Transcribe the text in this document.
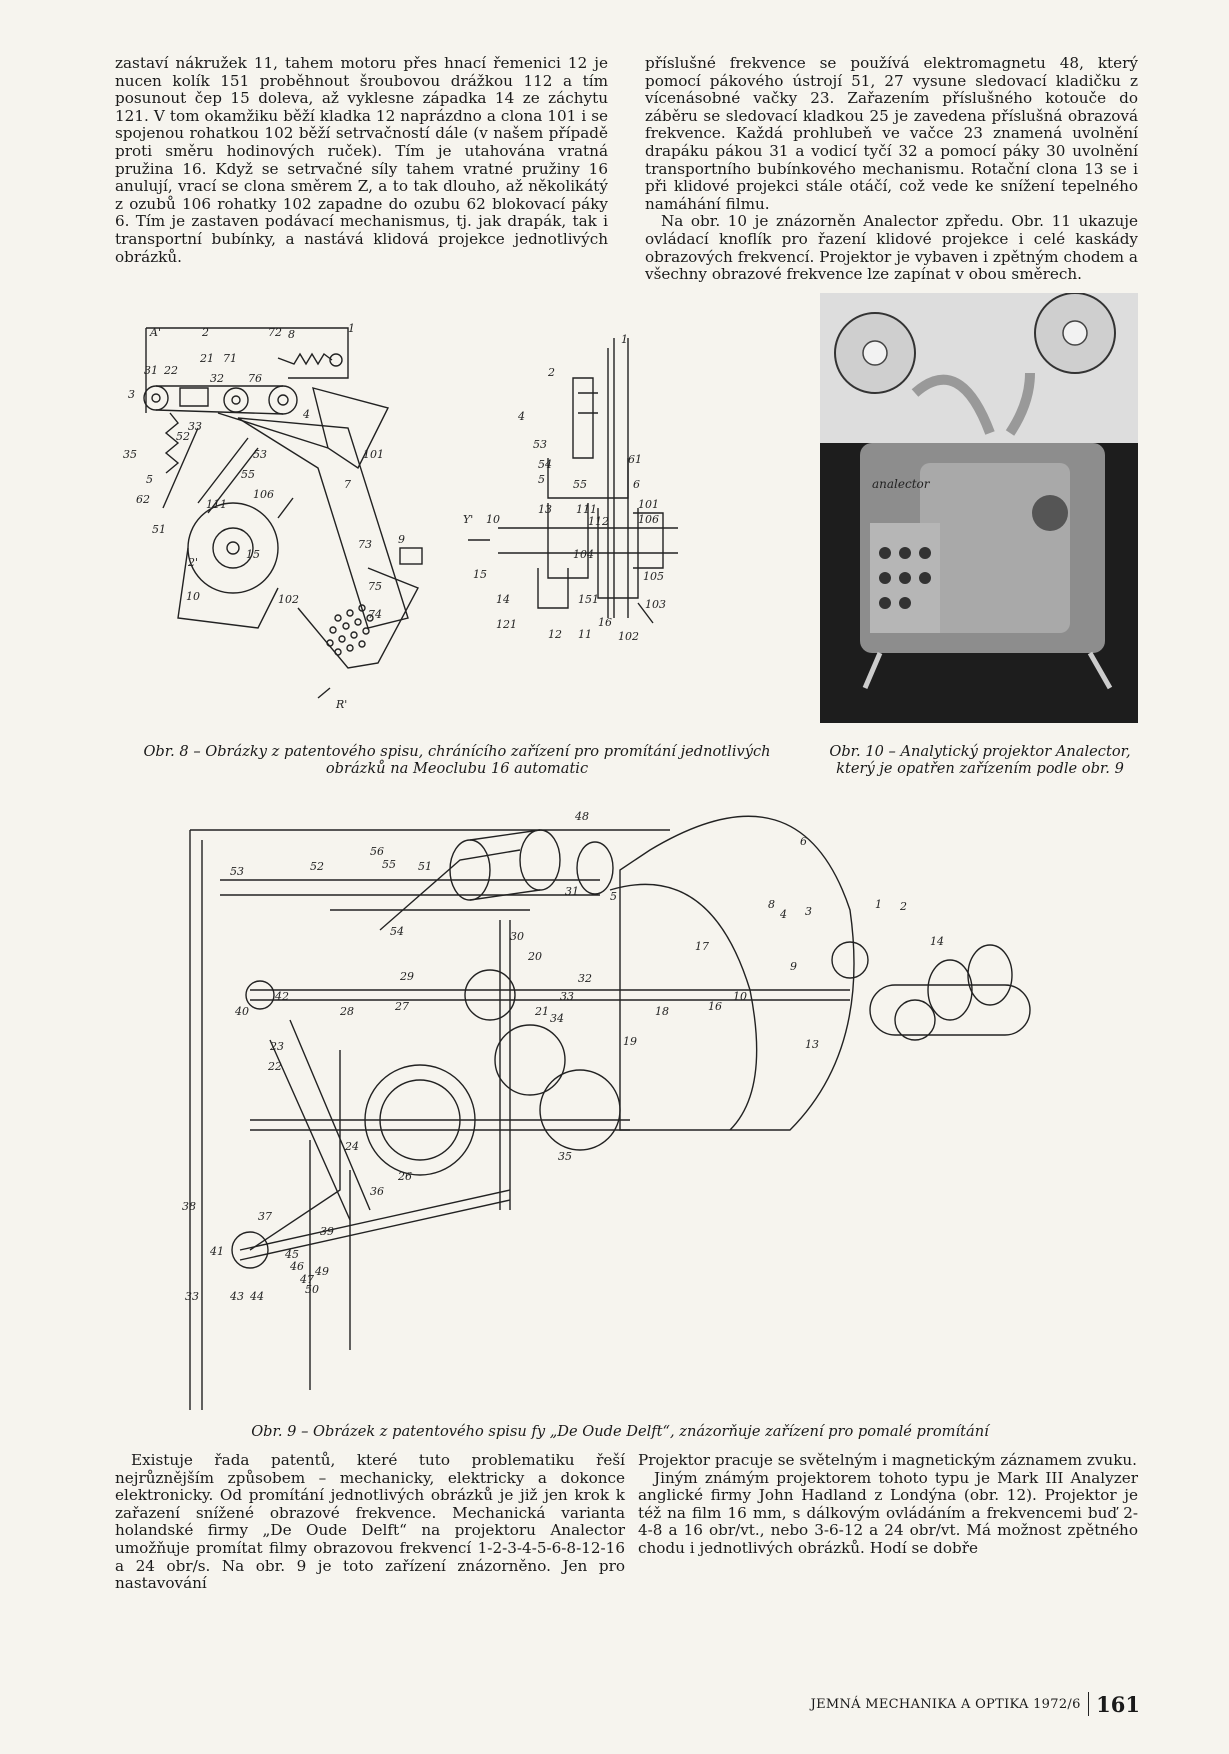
zastaví nákružek 11, tahem motoru přes hnací řemenici 12 je nucen kolík 151 proběhnout šroubovou drážkou 112 a tím posunout čep 15 doleva, až vyklesne západka 14 ze záchytu 121. V tom okamžiku běží kladka 12 naprázdno a clona 101 i se spojenou rohatkou 102 běží setrvačností dále (v našem případě proti směru hodinových ruček). Tím je utahována vratná pružina 16. Když se setrvačné síly tahem vratné pružiny 16 anulují, vrací se clona směrem Z, a to tak dlouho, až několikátý z ozubů 106 rohatky 102 zapadne do ozubu 62 blokovací páky 6. Tím je zastaven podávací mechanismus, tj. jak drapák, tak i transportní bubínky, a nastává klidová projekce jednotlivých obrázků.

příslušné frekvence se používá elektromagnetu 48, který pomocí pákového ústrojí 51, 27 vysune sledovací kladičku z vícenásobné vačky 23. Zařazením příslušného kotouče do záběru se sledovací kladkou 25 je zavedena příslušná obrazová frekvence. Každá prohlubeň ve vačce 23 znamená uvolnění drapáku pákou 31 a vodicí tyčí 32 a pomocí páky 30 uvolnění transportního bubínkového mechanismu. Rotační clona 13 se i při klidové projekci stále otáčí, což vede ke snížení tepelného namáhání filmu.

Na obr. 10 je znázorněn Analector zpředu. Obr. 11 ukazuje ovládací knoflík pro řazení klidové projekce i celé kaskády obrazových frekvencí. Projektor je vybaven i zpětným chodem a všechny obrazové frekvence lze zapínat v obou směrech.

A'	2	72 8	1
31 22
21 71
32 76
3
33
4
52
53
35
55
5
101
62	111
106
7
51
2'
15
73 9
10	102
75
74
R'
1
2
4
53
54
5	55
61
6
101
13 111
106
Y' 10	112
104
15	105
14	151	103
121
12 11
16
102
analector
Obr. 8 – Obrázky z patentového spisu, chránícího zařízení pro promítání jednotlivých obrázků na Meoclubu 16 automatic
Obr. 10 – Analytický projektor Analector, který je opatřen zařízením podle obr. 9
48
6
56
55 51
53	52
31	5
8
4 3
1 2
14
30
54
29
17
20
32
33
9
10
16
18
40
42
28	27	21
34
19	13
23
22
35
24
26
36
38
37
41	45
46 49
47
50
39
33	43 44
Obr. 9 – Obrázek z patentového spisu fy „De Oude Delft“, znázorňuje zařízení pro pomalé promítání

Existuje řada patentů, které tuto problematiku řeší nejrůznějším způsobem – mechanicky, elektricky a dokonce elektronicky. Od promítání jednotlivých obrázků je již jen krok k zařazení snížené obrazové frekvence. Mechanická varianta holandské firmy „De Oude Delft“ na projektoru Analector umožňuje promítat filmy obrazovou frekvencí 1-2-3-4-5-6-8-12-16 a 24 obr/s. Na obr. 9 je toto zařízení znázorněno. Jen pro nastavování

Projektor pracuje se světelným i magnetickým záznamem zvuku.

Jiným známým projektorem tohoto typu je Mark III Analyzer anglické firmy John Hadland z Londýna (obr. 12). Projektor je též na film 16 mm, s dálkovým ovládáním a frekvencemi buď 2-4-8 a 16 obr/vt., nebo 3-6-12 a 24 obr/vt. Má možnost zpětného chodu i jednotlivých obrázků. Hodí se dobře

JEMNÁ MECHANIKA A OPTIKA 1972/6 161
